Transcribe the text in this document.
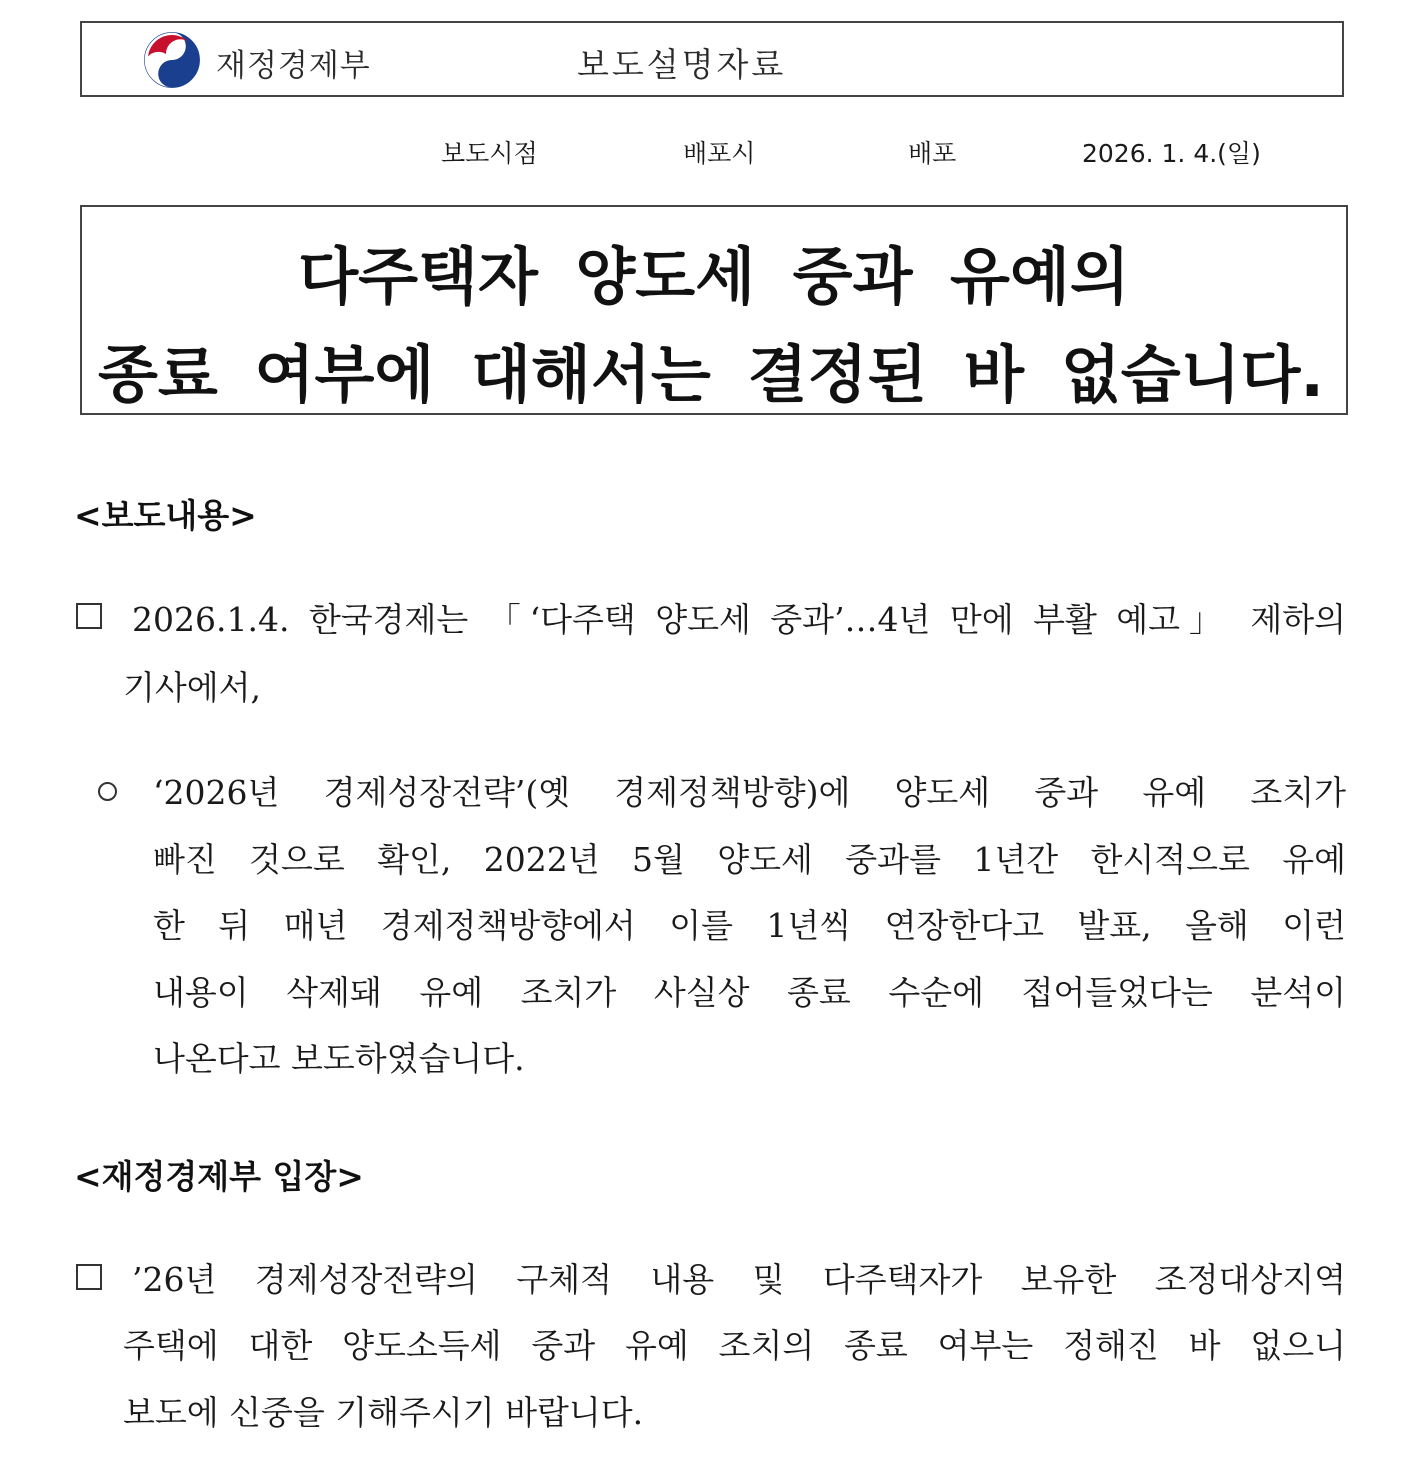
재정경제부	보도설명자료
보도시점	배포시	배포	2026. 1. 4.(일)
다주택자 양도세 중과 유예의
종료 여부에 대해서는 결정된 바 없습니다.
<보도내용>
2026.1.4. 한국경제는 「‘다주택 양도세 중과’…4년 만에 부활 예고」 제하의
기사에서,
‘2026년 경제성장전략’(옛 경제정책방향)에 양도세 중과 유예 조치가
빠진 것으로 확인, 2022년 5월 양도세 중과를 1년간 한시적으로 유예
한 뒤 매년 경제정책방향에서 이를 1년씩 연장한다고 발표, 올해 이런
내용이 삭제돼 유예 조치가 사실상 종료 수순에 접어들었다는 분석이
나온다고 보도하였습니다.
<재정경제부 입장>
’26년 경제성장전략의 구체적 내용 및 다주택자가 보유한 조정대상지역
주택에 대한 양도소득세 중과 유예 조치의 종료 여부는 정해진 바 없으니
보도에 신중을 기해주시기 바랍니다.
